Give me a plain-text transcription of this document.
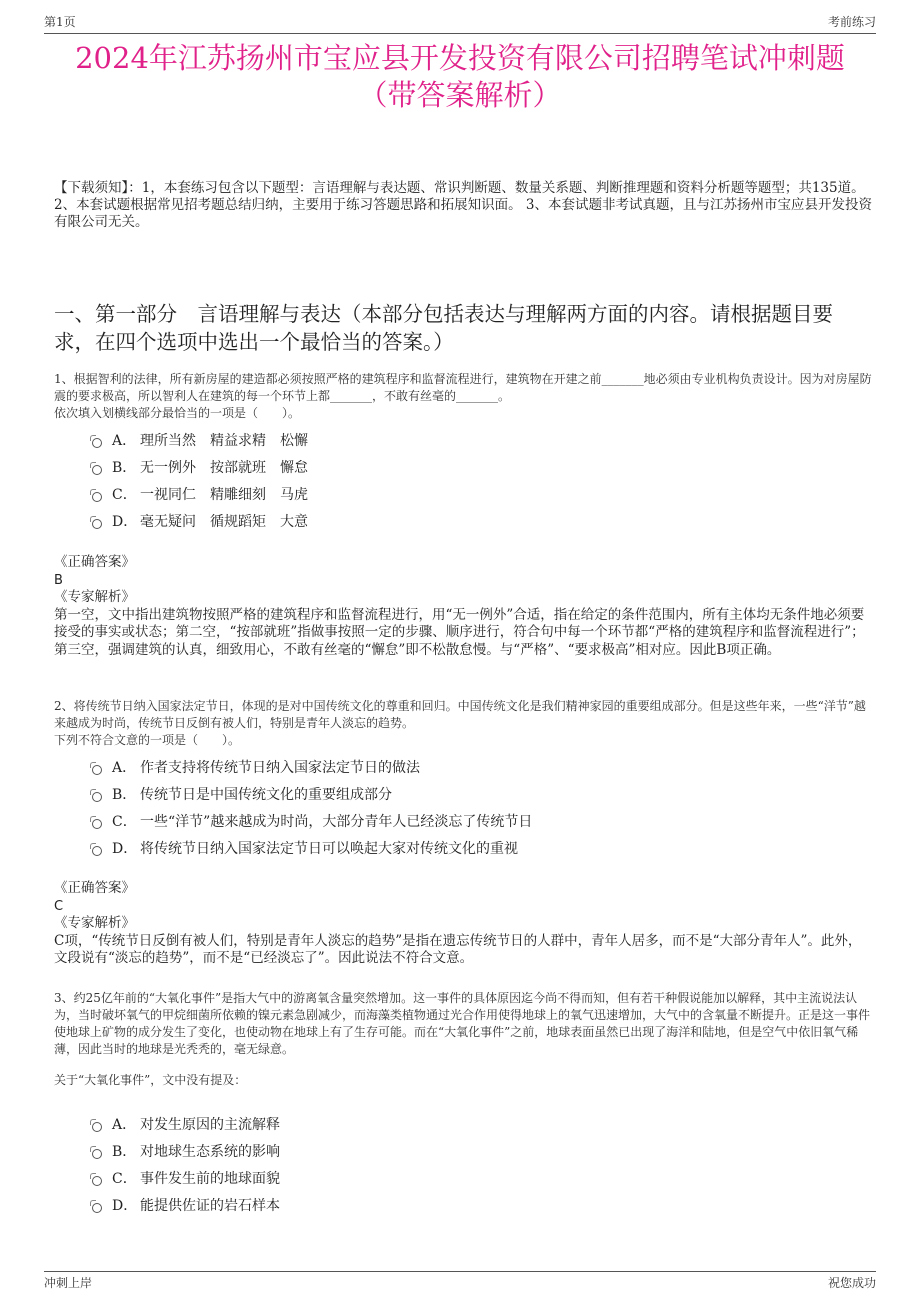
第1页	考前练习
2024年江苏扬州市宝应县开发投资有限公司招聘笔试冲刺题
（带答案解析）
【下载须知】：1，本套练习包含以下题型：言语理解与表达题、常识判断题、数量关系题、判断推理题和资料分析题等题型；共135道。 2、本套试题根据常见招考题总结归纳，主要用于练习答题思路和拓展知识面。 3、本套试题非考试真题，且与江苏扬州市宝应县开发投资有限公司无关。
一、第一部分　言语理解与表达（本部分包括表达与理解两方面的内容。请根据题目要求，在四个选项中选出一个最恰当的答案。）
1、根据智利的法律，所有新房屋的建造都必须按照严格的建筑程序和监督流程进行，建筑物在开建之前_______地必须由专业机构负责设计。因为对房屋防震的要求极高，所以智利人在建筑的每一个环节上都_______，不敢有丝毫的_______。
依次填入划横线部分最恰当的一项是（　　）。
A． 理所当然　精益求精　松懈
B． 无一例外　按部就班　懈怠
C． 一视同仁　精雕细刻　马虎
D． 毫无疑问　循规蹈矩　大意
《正确答案》
B
《专家解析》
第一空，文中指出建筑物按照严格的建筑程序和监督流程进行，用“无一例外”合适，指在给定的条件范围内，所有主体均无条件地必须要接受的事实或状态；第二空，“按部就班”指做事按照一定的步骤、顺序进行，符合句中每一个环节都“严格的建筑程序和监督流程进行”；第三空，强调建筑的认真，细致用心，不敢有丝毫的“懈怠”即不松散怠慢。与“严格”、“要求极高”相对应。因此B项正确。
2、将传统节日纳入国家法定节日，体现的是对中国传统文化的尊重和回归。中国传统文化是我们精神家园的重要组成部分。但是这些年来，一些“洋节”越来越成为时尚，传统节日反倒有被人们，特别是青年人淡忘的趋势。
下列不符合文意的一项是（　　）。
A． 作者支持将传统节日纳入国家法定节日的做法
B． 传统节日是中国传统文化的重要组成部分
C． 一些“洋节”越来越成为时尚，大部分青年人已经淡忘了传统节日
D． 将传统节日纳入国家法定节日可以唤起大家对传统文化的重视
《正确答案》
C
《专家解析》
C项，“传统节日反倒有被人们，特别是青年人淡忘的趋势”是指在遗忘传统节日的人群中，青年人居多，而不是“大部分青年人”。此外，文段说有“淡忘的趋势”，而不是“已经淡忘了”。因此说法不符合文意。
3、约25亿年前的“大氧化事件”是指大气中的游离氧含量突然增加。这一事件的具体原因迄今尚不得而知，但有若干种假说能加以解释，其中主流说法认为，当时破坏氧气的甲烷细菌所依赖的镍元素急剧减少，而海藻类植物通过光合作用使得地球上的氧气迅速增加，大气中的含氧量不断提升。正是这一事件使地球上矿物的成分发生了变化，也使动物在地球上有了生存可能。而在“大氧化事件”之前，地球表面虽然已出现了海洋和陆地，但是空气中依旧氧气稀薄，因此当时的地球是光秃秃的，毫无绿意。
关于“大氧化事件”，文中没有提及：
A． 对发生原因的主流解释
B． 对地球生态系统的影响
C． 事件发生前的地球面貌
D． 能提供佐证的岩石样本
冲刺上岸	祝您成功
